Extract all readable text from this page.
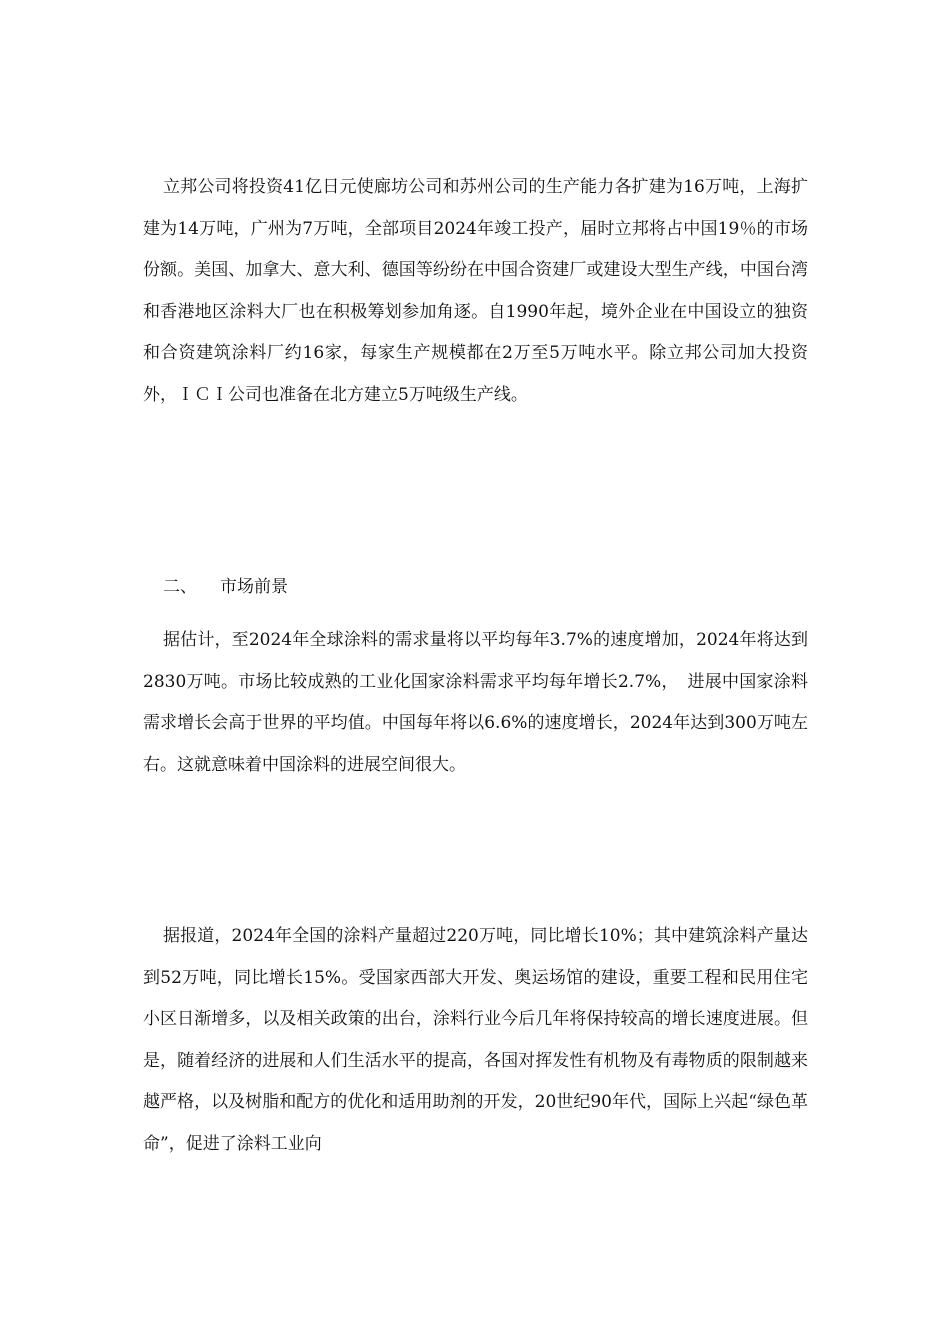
立邦公司将投资41亿日元使廊坊公司和苏州公司的生产能力各扩建为16万吨，上海扩建为14万吨，广州为7万吨，全部项目2024年竣工投产，届时立邦将占中国19％的市场份额。美国、加拿大、意大利、德国等纷纷在中国合资建厂或建设大型生产线，中国台湾和香港地区涂料大厂也在积极筹划参加角逐。自1990年起，境外企业在中国设立的独资和合资建筑涂料厂约16家，每家生产规模都在2万至5万吨水平。除立邦公司加大投资外，ＩＣＩ公司也准备在北方建立5万吨级生产线。

二、 市场前景

据估计，至2024年全球涂料的需求量将以平均每年3.7%的速度增加，2024年将达到2830万吨。市场比较成熟的工业化国家涂料需求平均每年增长2.7%，　进展中国家涂料需求增长会高于世界的平均值。中国每年将以6.6%的速度增长，2024年达到300万吨左右。这就意味着中国涂料的进展空间很大。

据报道，2024年全国的涂料产量超过220万吨，同比增长10%；其中建筑涂料产量达到52万吨，同比增长15%。受国家西部大开发、奥运场馆的建设，重要工程和民用住宅小区日渐增多，以及相关政策的出台，涂料行业今后几年将保持较高的增长速度进展。但是，随着经济的进展和人们生活水平的提高，各国对挥发性有机物及有毒物质的限制越来越严格，以及树脂和配方的优化和适用助剂的开发，20世纪90年代，国际上兴起“绿色革命”，促进了涂料工业向
